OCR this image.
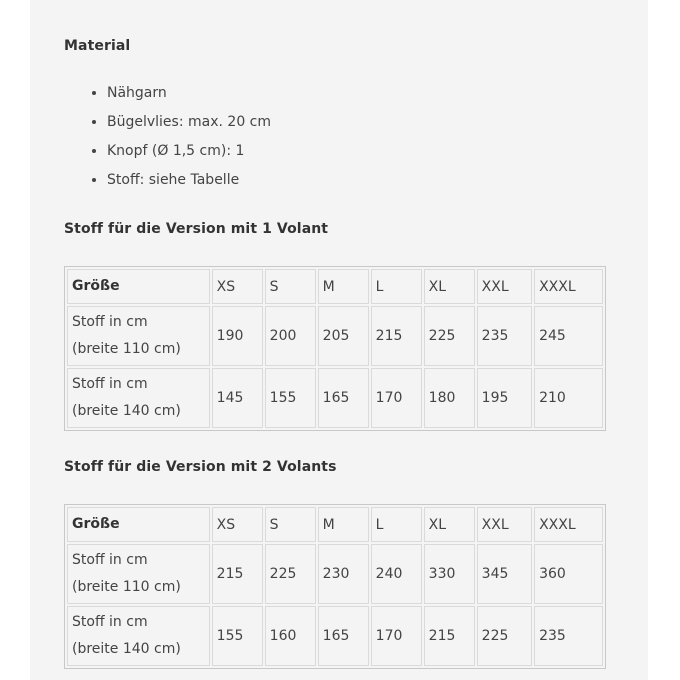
Material
• Nähgarn
• Bügelvlies: max. 20 cm
• Knopf (Ø 1,5 cm): 1
• Stoff: siehe Tabelle
Stoff für die Version mit 1 Volant
Größe	XS	S	M	L	XL	XXL	XXXL

Stoff in cm
(breite 110 cm)	190	200	205	215	225	235	245

Stoff in cm
(breite 140 cm)	145	155	165	170	180	195	210
Stoff für die Version mit 2 Volants
Größe	XS	S	M	L	XL	XXL	XXXL

Stoff in cm
(breite 110 cm)	215	225	230	240	330	345	360

Stoff in cm
(breite 140 cm)	155	160	165	170	215	225	235
